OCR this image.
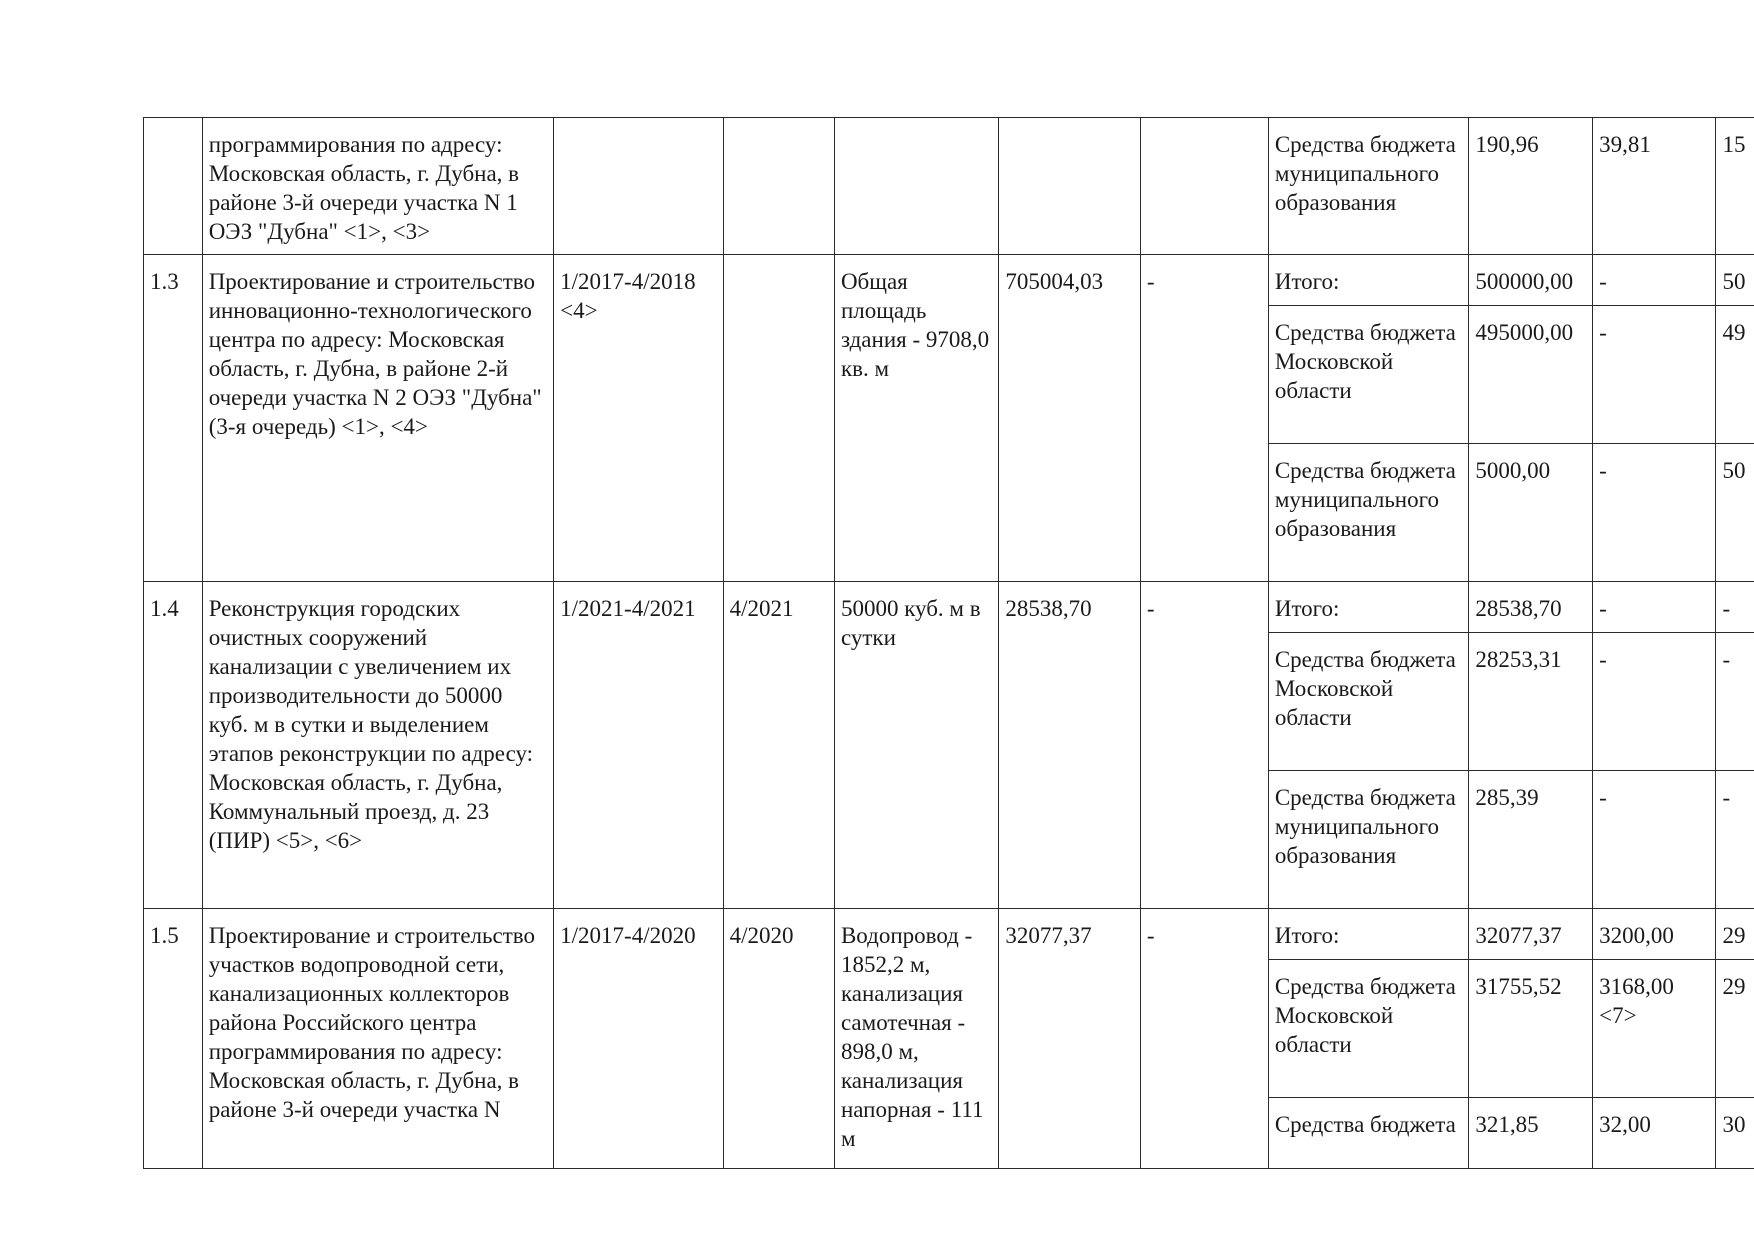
	программирования по адресу: Московская область, г. Дубна, в районе 3-й очереди участка N 1 ОЭЗ "Дубна" <1>, <3>						Средства бюджета муниципального образования	190,96	39,81	15
1.3	Проектирование и строительство инновационно-технологического центра по адресу: Московская область, г. Дубна, в районе 2-й очереди участка N 2 ОЭЗ "Дубна" (3-я очередь) <1>, <4>	1/2017-4/2018 <4>		Общая площадь здания - 9708,0 кв. м	705004,03	-	Итого:	500000,00	-	50
							Средства бюджета Московской области	495000,00	-	49
							Средства бюджета муниципального образования	5000,00	-	50
1.4	Реконструкция городских очистных сооружений канализации с увеличением их производительности до 50000 куб. м в сутки и выделением этапов реконструкции по адресу: Московская область, г. Дубна, Коммунальный проезд, д. 23 (ПИР) <5>, <6>	1/2021-4/2021	4/2021	50000 куб. м в сутки	28538,70	-	Итого:	28538,70	-	-
							Средства бюджета Московской области	28253,31	-	-
							Средства бюджета муниципального образования	285,39	-	-
1.5	Проектирование и строительство участков водопроводной сети, канализационных коллекторов района Российского центра программирования по адресу: Московская область, г. Дубна, в районе 3-й очереди участка N	1/2017-4/2020	4/2020	Водопровод - 1852,2 м, канализация самотечная - 898,0 м, канализация напорная - 111 м	32077,37	-	Итого:	32077,37	3200,00	29
							Средства бюджета Московской области	31755,52	3168,00 <7>	29
							Средства бюджета	321,85	32,00	30
